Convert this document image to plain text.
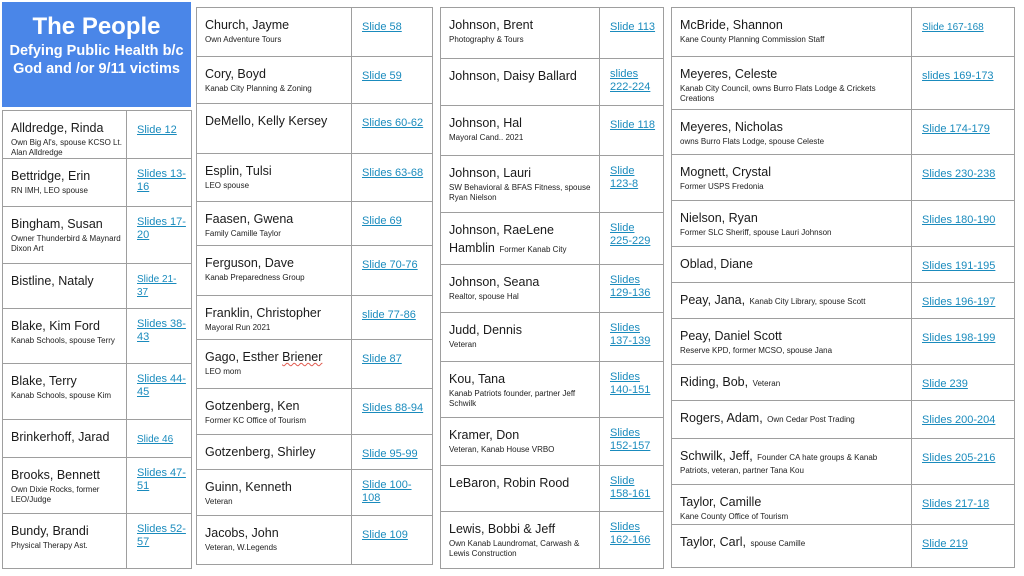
The People
Defying Public Health b/c God and /or 9/11 victims
Alldredge, Rinda
Own Big Al's, spouse KCSO Lt. Alan Alldredge	Slide 12
Bettridge, Erin
RN IMH, LEO spouse	Slides 13-16
Bingham, Susan
Owner Thunderbird & Maynard Dixon Art	Slides 17-20
Bistline, Nataly	Slide 21-37
Blake, Kim Ford
Kanab Schools, spouse Terry	Slides 38-43
Blake, Terry
Kanab Schools, spouse Kim	Slides 44-45
Brinkerhoff, Jarad	Slide 46
Brooks, Bennett
Own Dixie Rocks, former LEO/Judge	Slides 47-51
Bundy, Brandi
Physical Therapy Ast.	Slides 52-57
Church, Jayme
Own Adventure Tours	Slide 58
Cory, Boyd
Kanab City Planning & Zoning	Slide 59
DeMello, Kelly Kersey	Slides 60-62
Esplin, Tulsi
LEO spouse	Slides 63-68
Faasen, Gwena
Family Camille Taylor	Slide 69
Ferguson, Dave
Kanab Preparedness Group	Slide 70-76
Franklin, Christopher
Mayoral Run 2021	slide 77-86
Gago, Esther Briener
LEO mom	Slide 87
Gotzenberg, Ken
Former KC Office of Tourism	Slides 88-94
Gotzenberg, Shirley	Slide 95-99
Guinn, Kenneth
Veteran	Slide 100-108
Jacobs, John
Veteran, W.Legends	Slide 109
Johnson, Brent
Photography & Tours	Slide 113
Johnson, Daisy Ballard	slides 222-224
Johnson, Hal
Mayoral Cand.. 2021	Slide 118
Johnson, Lauri
SW Behavioral & BFAS Fitness, spouse Ryan Nielson	Slide 123-8
Johnson, RaeLene Hamblin Former Kanab City	Slide 225-229
Johnson, Seana
Realtor, spouse Hal	Slides 129-136
Judd, Dennis
Veteran	Slides 137-139
Kou, Tana
Kanab Patriots founder, partner Jeff Schwilk	Slides 140-151
Kramer, Don
Veteran, Kanab House VRBO	Slides 152-157
LeBaron, Robin Rood	Slide 158-161
Lewis, Bobbi & Jeff
Own Kanab Laundromat, Carwash & Lewis Construction	Slides 162-166
McBride, Shannon
Kane County Planning Commission Staff	Slide 167-168
Meyeres, Celeste
Kanab City Council, owns Burro Flats Lodge & Crickets Creations	slides 169-173
Meyeres, Nicholas
owns Burro Flats Lodge, spouse Celeste	Slide 174-179
Mognett, Crystal
Former USPS Fredonia	Slides 230-238
Nielson, Ryan
Former SLC Sheriff, spouse Lauri Johnson	Slides 180-190
Oblad, Diane	Slides 191-195
Peay, Jana, Kanab City Library, spouse Scott	Slides 196-197
Peay, Daniel Scott
Reserve KPD, former MCSO, spouse Jana	Slides 198-199
Riding, Bob, Veteran	Slide 239
Rogers, Adam, Own Cedar Post Trading	Slides 200-204
Schwilk, Jeff, Founder CA hate groups & Kanab
Patriots, veteran, partner Tana Kou	Slides 205-216
Taylor, Camille
Kane County Office of Tourism	Slides 217-18
Taylor, Carl, spouse Camille	Slide 219
